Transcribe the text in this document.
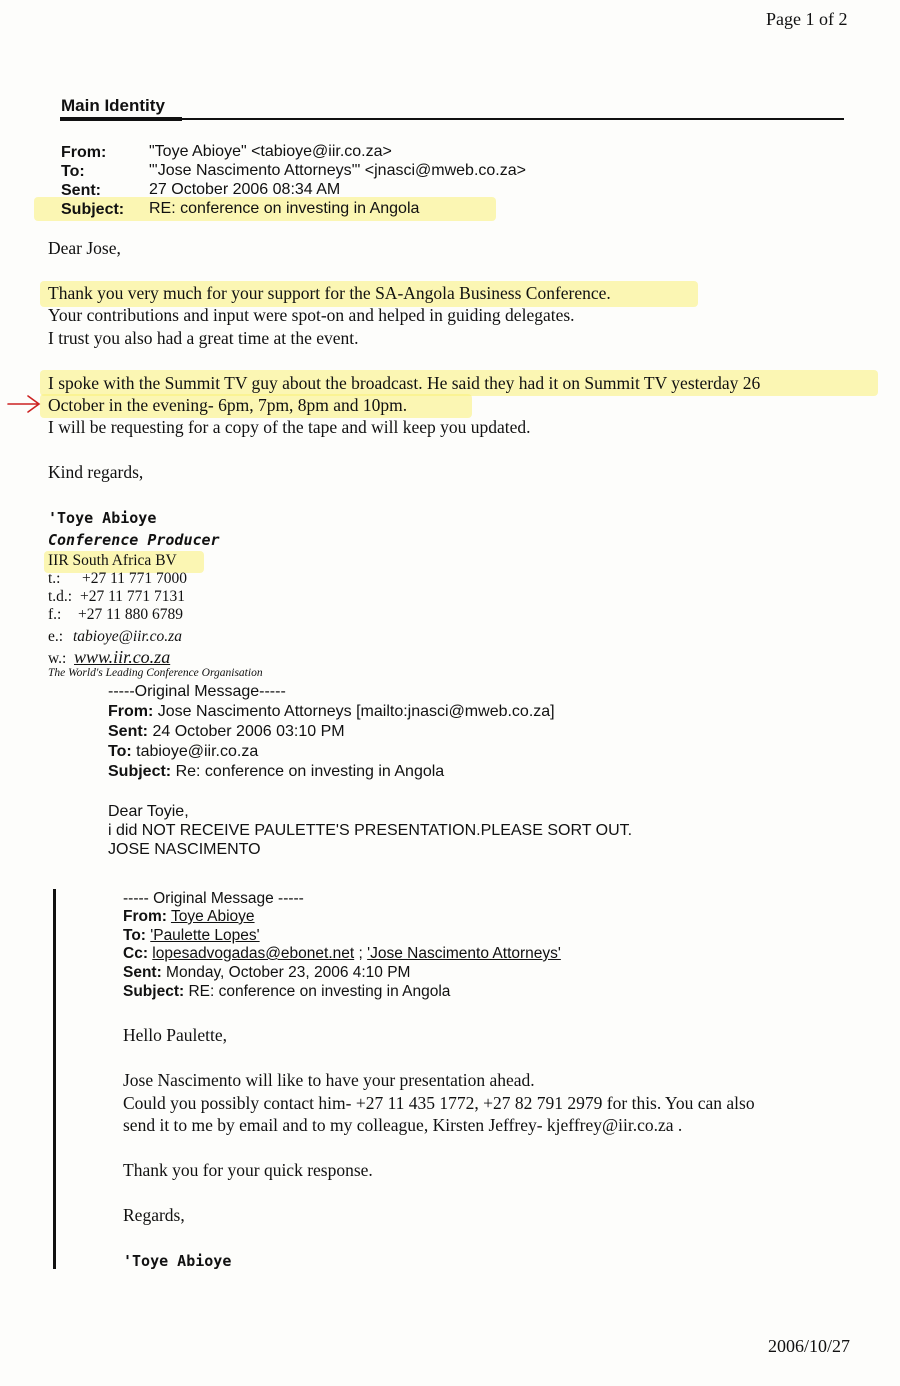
Page 1 of 2
Main Identity
From:	"Toye Abioye" <tabioye@iir.co.za>
To:	"'Jose Nascimento Attorneys'" <jnasci@mweb.co.za>
Sent:	27 October 2006 08:34 AM
Subject: RE: conference on investing in Angola
Dear Jose,
Thank you very much for your support for the SA-Angola Business Conference.
Your contributions and input were spot-on and helped in guiding delegates.
I trust you also had a great time at the event.
I spoke with the Summit TV guy about the broadcast. He said they had it on Summit TV yesterday 26
October in the evening- 6pm, 7pm, 8pm and 10pm.
I will be requesting for a copy of the tape and will keep you updated.
Kind regards,
'Toye Abioye
Conference Producer
IIR South Africa BV
t.: +27 11 771 7000
t.d.: +27 11 771 7131
f.: +27 11 880 6789
e.: tabioye@iir.co.za
w.: www.iir.co.za
The World's Leading Conference Organisation
-----Original Message-----
From: Jose Nascimento Attorneys [mailto:jnasci@mweb.co.za]
Sent: 24 October 2006 03:10 PM
To: tabioye@iir.co.za
Subject: Re: conference on investing in Angola
Dear Toyie,
i did NOT RECEIVE PAULETTE'S PRESENTATION.PLEASE SORT OUT.
JOSE NASCIMENTO
----- Original Message -----
From: Toye Abioye
To: 'Paulette Lopes'
Cc: lopesadvogadas@ebonet.net ; 'Jose Nascimento Attorneys'
Sent: Monday, October 23, 2006 4:10 PM
Subject: RE: conference on investing in Angola
Hello Paulette,
Jose Nascimento will like to have your presentation ahead.
Could you possibly contact him- +27 11 435 1772, +27 82 791 2979 for this. You can also
send it to me by email and to my colleague, Kirsten Jeffrey- kjeffrey@iir.co.za .
Thank you for your quick response.
Regards,
'Toye Abioye
2006/10/27
